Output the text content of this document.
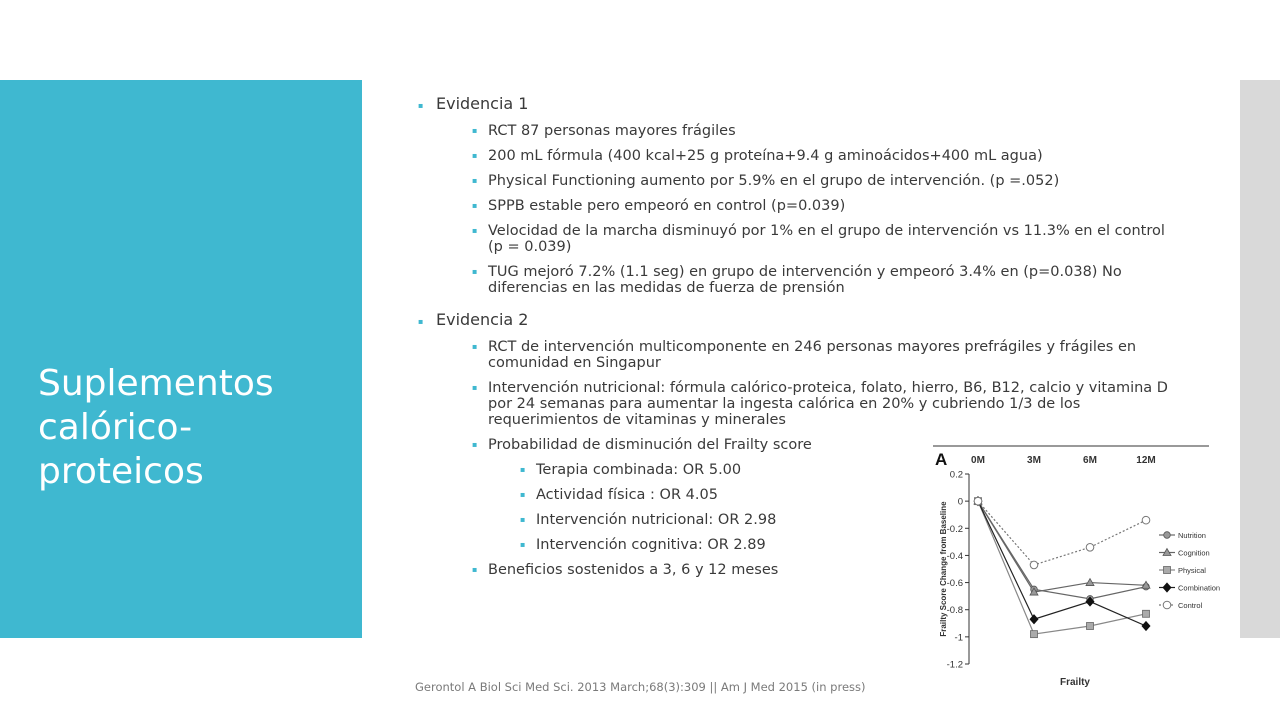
Suplementos calórico-proteicos
▪ Evidencia 1
▪ RCT 87 personas mayores frágiles
▪ 200 mL fórmula (400 kcal+25 g proteína+9.4 g aminoácidos+400 mL agua)
▪ Physical Functioning aumento por 5.9% en el grupo de intervención. (p =.052)
▪ SPPB estable pero empeoró en control (p=0.039)
▪ Velocidad de la marcha disminuyó por 1% en el grupo de intervención vs 11.3% en el control (p = 0.039)
▪ TUG mejoró 7.2% (1.1 seg) en grupo de intervención y empeoró 3.4% en (p=0.038) No diferencias en las medidas de fuerza de prensión
▪ Evidencia 2
▪ RCT de intervención multicomponente en 246 personas mayores prefrágiles y frágiles en comunidad en Singapur
▪ Intervención nutricional: fórmula calórico-proteica, folato, hierro, B6, B12, calcio y vitamina D por 24 semanas para aumentar la ingesta calórica en 20% y cubriendo 1/3 de los requerimientos de vitaminas y minerales
▪ Probabilidad de disminución del Frailty score
▪ Terapia combinada: OR 5.00
▪ Actividad física : OR 4.05
▪ Intervención nutricional: OR 2.98
▪ Intervención cognitiva: OR 2.89
▪ Beneficios sostenidos a 3, 6 y 12 meses
Gerontol A Biol Sci Med Sci. 2013 March;68(3):309 || Am J Med 2015 (in press)
A
0.2
0
-0.2
-0.4
-0.6
-0.8
-1
-1.2
0M	3M	6M	12M
Frailty Score Change from Baseline
Frailty
Nutrition
Cognition
Physical
Combination
Control
